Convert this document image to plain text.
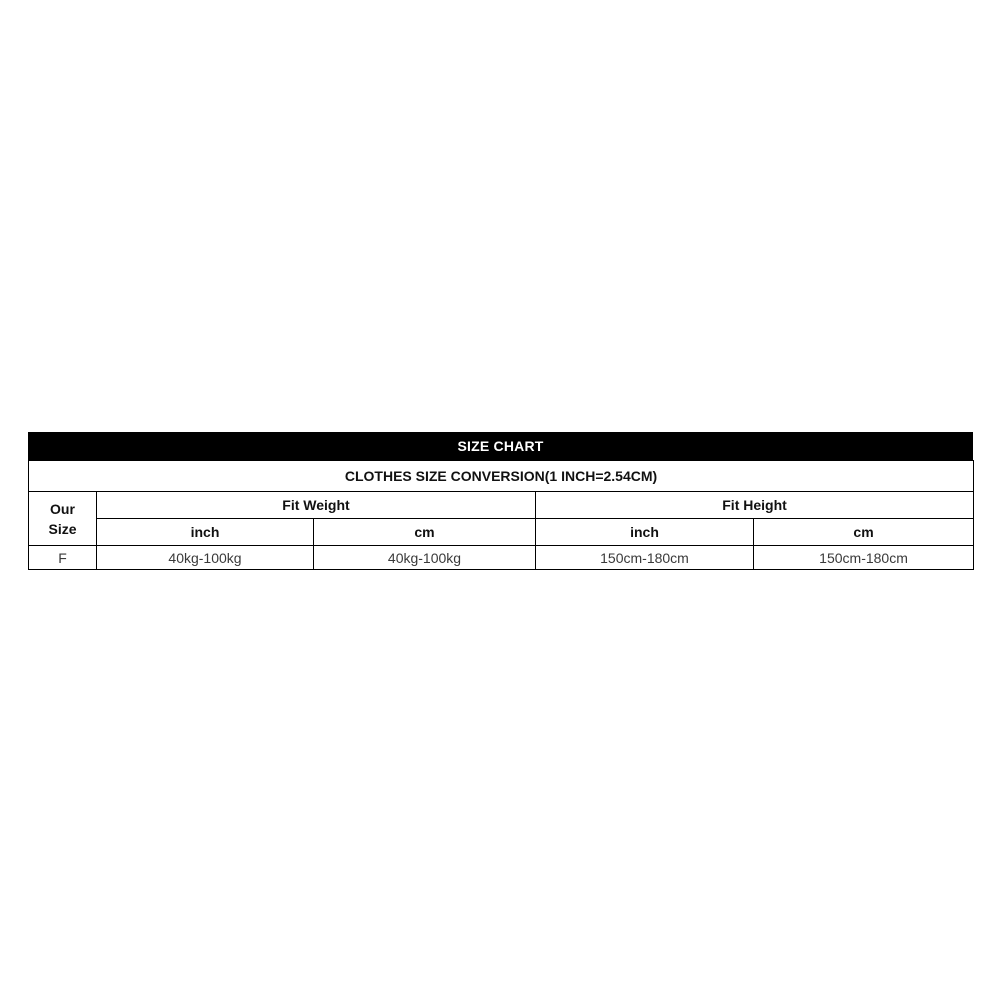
SIZE CHART
CLOTHES SIZE CONVERSION(1 INCH=2.54CM)				

Our
Size	Fit Weight		Fit Height	
	inch	cm	inch	cm
F	40kg-100kg	40kg-100kg	150cm-180cm	150cm-180cm
